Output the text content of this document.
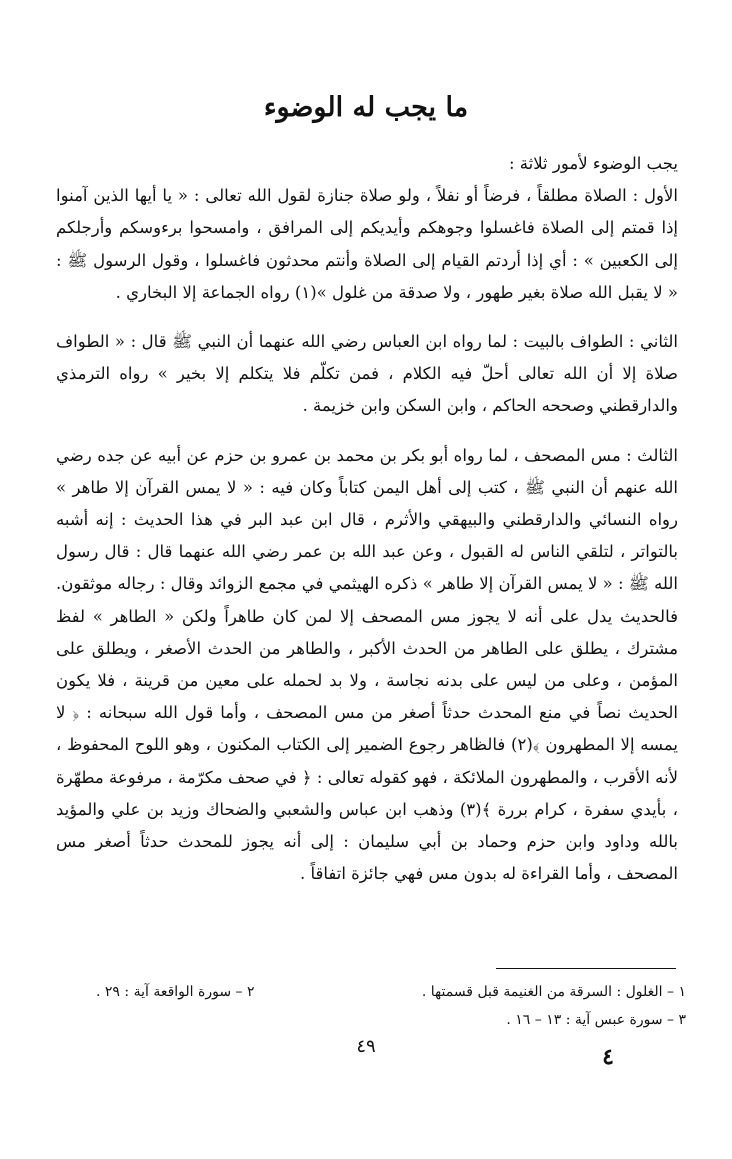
ما يجب له الوضوء

يجب الوضوء لأمور ثلاثة :

الأول : الصلاة مطلقاً ، فرضاً أو نفلاً ، ولو صلاة جنازة لقول الله تعالى : « يا أيها الذين آمنوا إذا قمتم إلى الصلاة فاغسلوا وجوهكم وأيديكم إلى المرافق ، وامسحوا برءوسكم وأرجلكم إلى الكعبين » : أي إذا أردتم القيام إلى الصلاة وأنتم محدثون فاغسلوا ، وقول الرسول ﷺ : « لا يقبل الله صلاة بغير طهور ، ولا صدقة من غلول »(١) رواه الجماعة إلا البخاري .

الثاني : الطواف بالبيت : لما رواه ابن العباس رضي الله عنهما أن النبي ﷺ قال : « الطواف صلاة إلا أن الله تعالى أحلّ فيه الكلام ، فمن تكلّم فلا يتكلم إلا بخير » رواه الترمذي والدارقطني وصححه الحاكم ، وابن السكن وابن خزيمة .

الثالث : مس المصحف ، لما رواه أبو بكر بن محمد بن عمرو بن حزم عن أبيه عن جده رضي الله عنهم أن النبي ﷺ ، كتب إلى أهل اليمن كتاباً وكان فيه : « لا يمس القرآن إلا طاهر » رواه النسائي والدارقطني والبيهقي والأثرم ، قال ابن عبد البر في هذا الحديث : إنه أشبه بالتواتر ، لتلقي الناس له القبول ، وعن عبد الله بن عمر رضي الله عنهما قال : قال رسول الله ﷺ : « لا يمس القرآن إلا طاهر » ذكره الهيثمي في مجمع الزوائد وقال : رجاله موثقون. فالحديث يدل على أنه لا يجوز مس المصحف إلا لمن كان طاهراً ولكن « الطاهر » لفظ مشترك ، يطلق على الطاهر من الحدث الأكبر ، والطاهر من الحدث الأصغر ، ويطلق على المؤمن ، وعلى من ليس على بدنه نجاسة ، ولا بد لحمله على معين من قرينة ، فلا يكون الحديث نصاً في منع المحدث حدثاً أصغر من مس المصحف ، وأما قول الله سبحانه : ﴿ لا يمسه إلا المطهرون ﴾(٢) فالظاهر رجوع الضمير إلى الكتاب المكنون ، وهو اللوح المحفوظ ، لأنه الأقرب ، والمطهرون الملائكة ، فهو كقوله تعالى : ﴿ في صحف مكرّمة ، مرفوعة مطهّرة ، بأيدي سفرة ، كرام بررة ﴾(٣) وذهب ابن عباس والشعبي والضحاك وزيد بن علي والمؤيد بالله وداود وابن حزم وحماد بن أبي سليمان : إلى أنه يجوز للمحدث حدثاً أصغر مس المصحف ، وأما القراءة له بدون مس فهي جائزة اتفاقاً .

١ – الغلول : السرقة من الغنيمة قبل قسمتها .
٢ – سورة الواقعة آية : ٢٩ .
٣ – سورة عبس آية : ١٣ – ١٦ .
٤٩	٤
